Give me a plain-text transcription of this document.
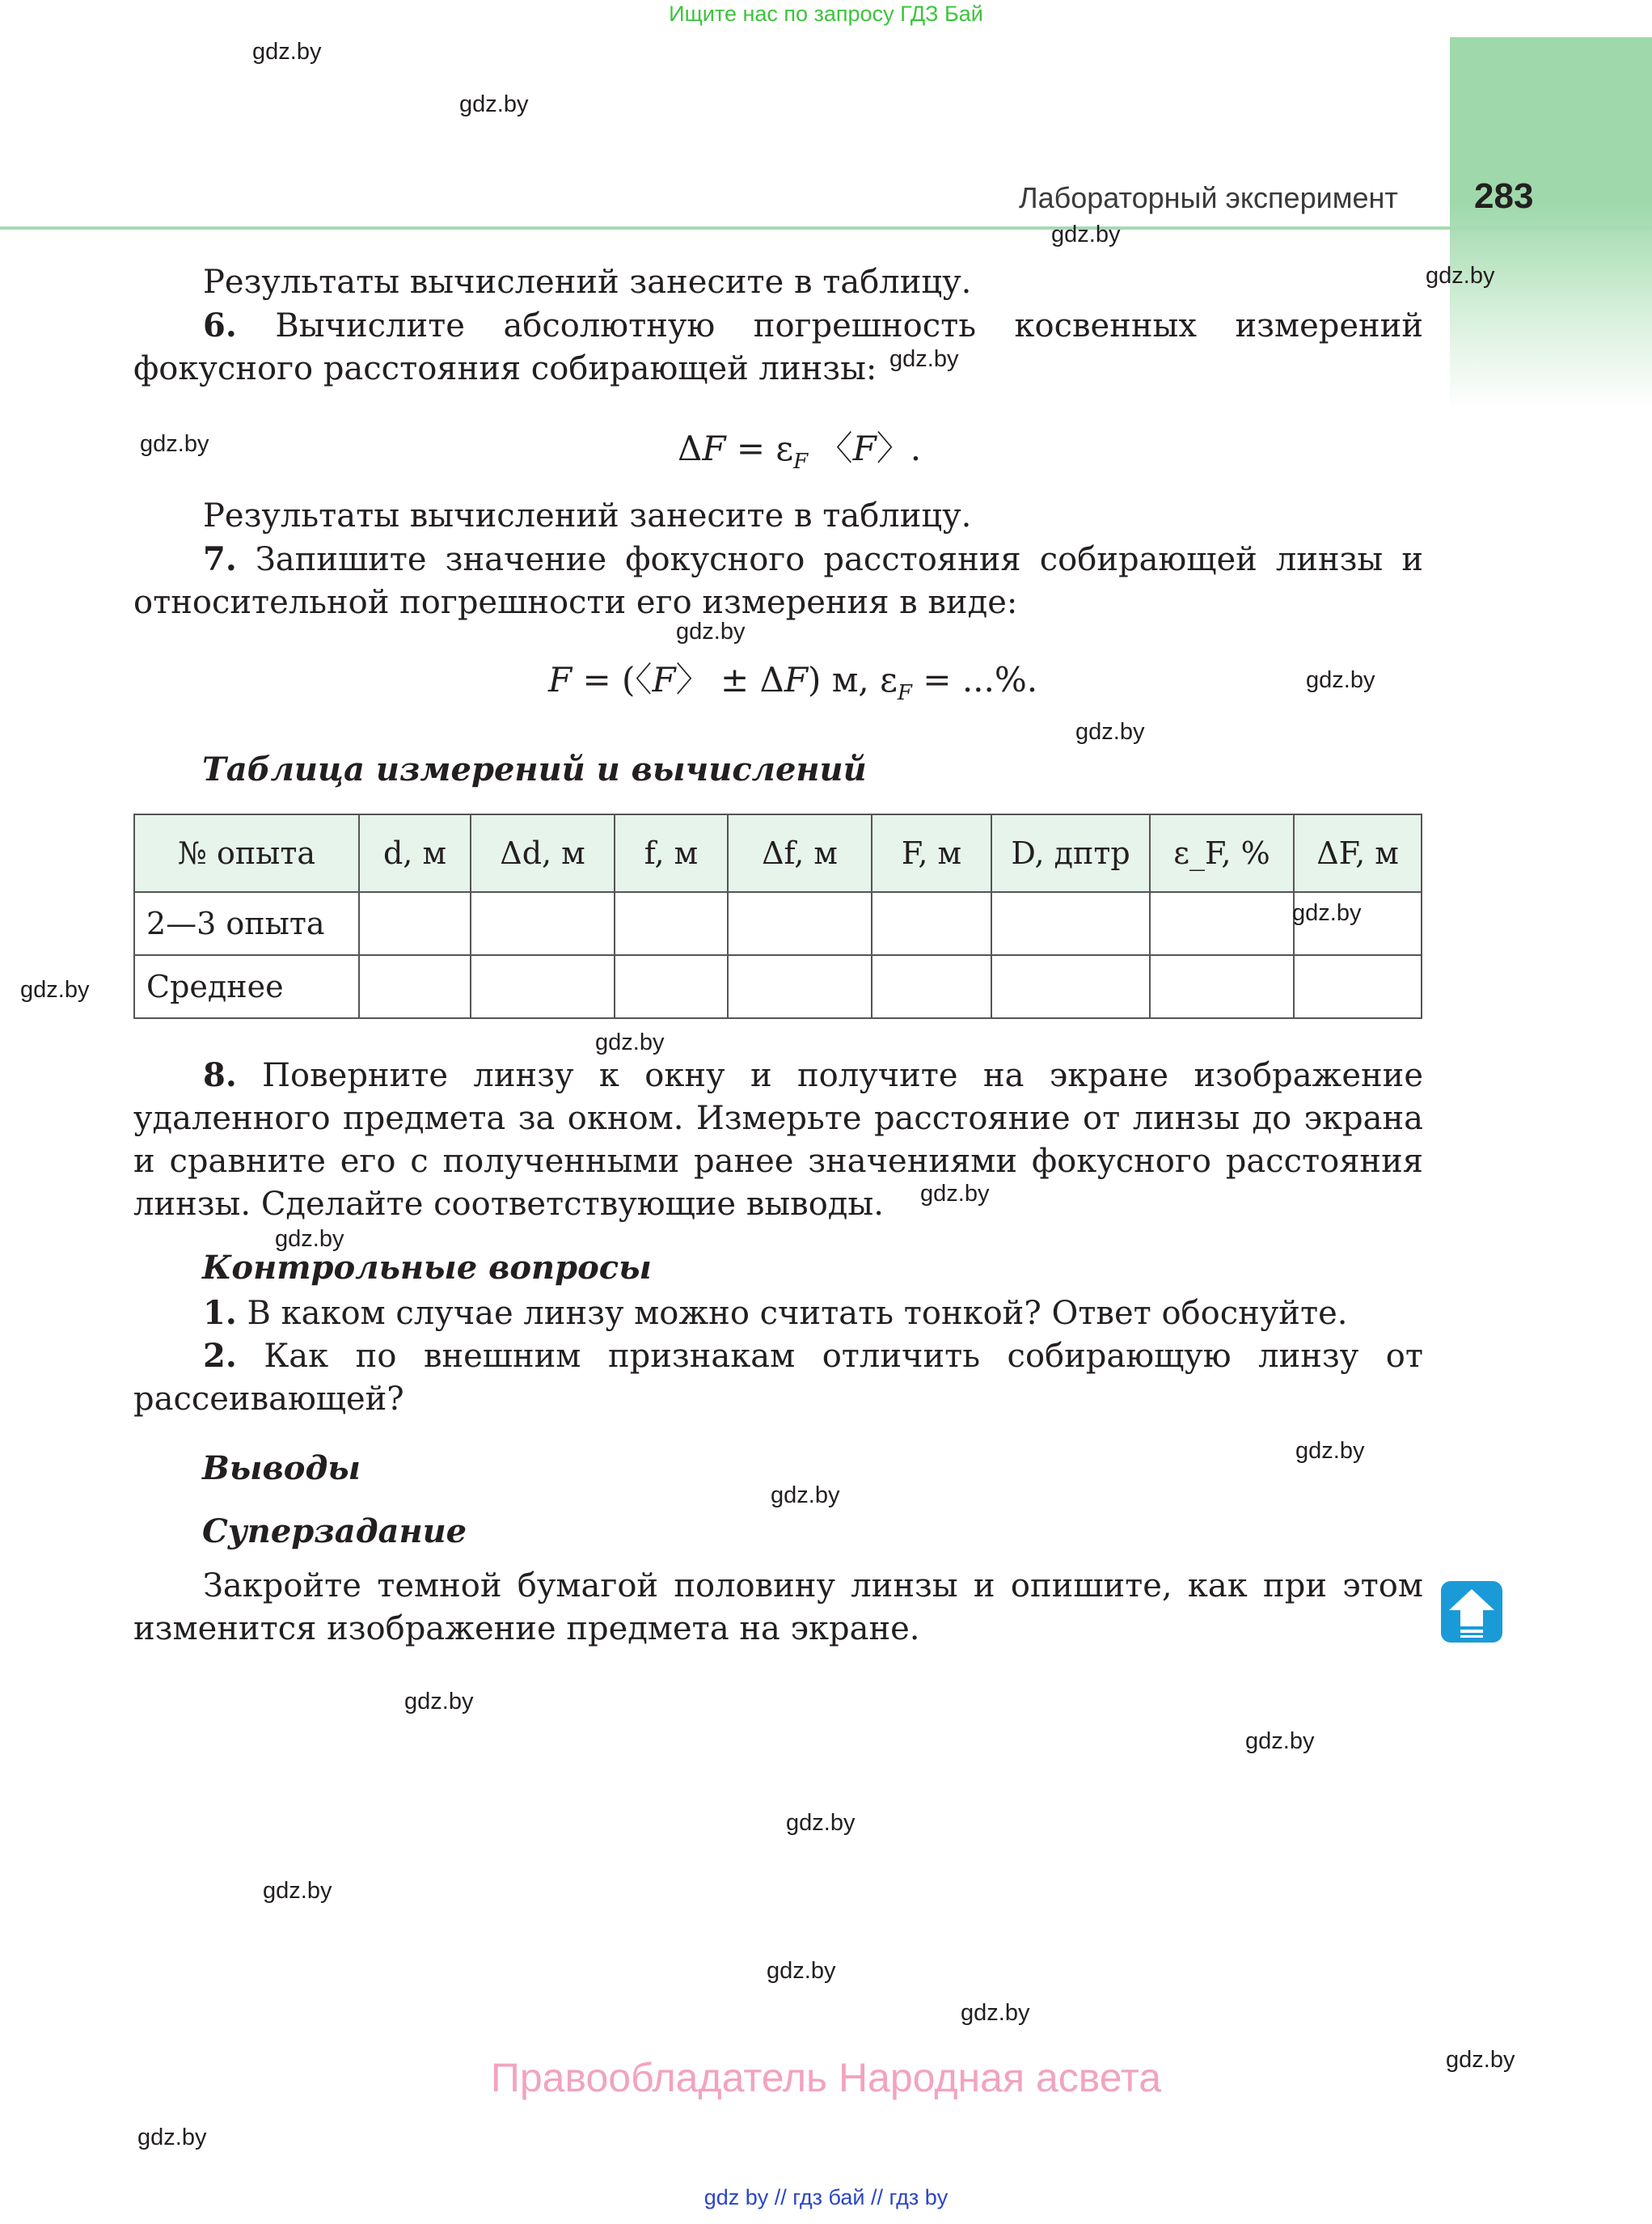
Ищите нас по запросу ГДЗ Бай
Лабораторный эксперимент 283
Результаты вычислений занесите в таблицу.
6. Вычислите абсолютную погрешность косвенных измерений фокусного расстояния собирающей линзы:
$\Delta F = \varepsilon_F$ 〈F〉.
Результаты вычислений занесите в таблицу.
7. Запишите значение фокусного расстояния собирающей линзы и относительной погрешности его измерения в виде:
F = (〈F〉 ± ΔF) м, $\varepsilon_F$ = ...%.
Таблица измерений и вычислений
№ опыта	d, м	Δd, м	f, м	Δf, м	F, м	D, дптр	ε_F, %	ΔF, м
2—3 опыта								
Среднее								
8. Поверните линзу к окну и получите на экране изображение удаленного предмета за окном. Измерьте расстояние от линзы до экрана и сравните его с полученными ранее значениями фокусного расстояния линзы. Сделайте соответствующие выводы.
Контрольные вопросы
1. В каком случае линзу можно считать тонкой? Ответ обоснуйте.
2. Как по внешним признакам отличить собирающую линзу от рассеивающей?
Выводы
Суперзадание
Закройте темной бумагой половину линзы и опишите, как при этом изменится изображение предмета на экране.
gdz.by
gdz.by
gdz.by
gdz.by
gdz.by
gdz.by
gdz.by
gdz.by
gdz.by
gdz.by
gdz.by
gdz.by
gdz.by
gdz.by
gdz.by
gdz.by
gdz.by
gdz.by
gdz.by
gdz.by
gdz.by
gdz.by
gdz.by
gdz.by
Правообладатель Народная асвета
gdz by // гдз бай // гдз by
